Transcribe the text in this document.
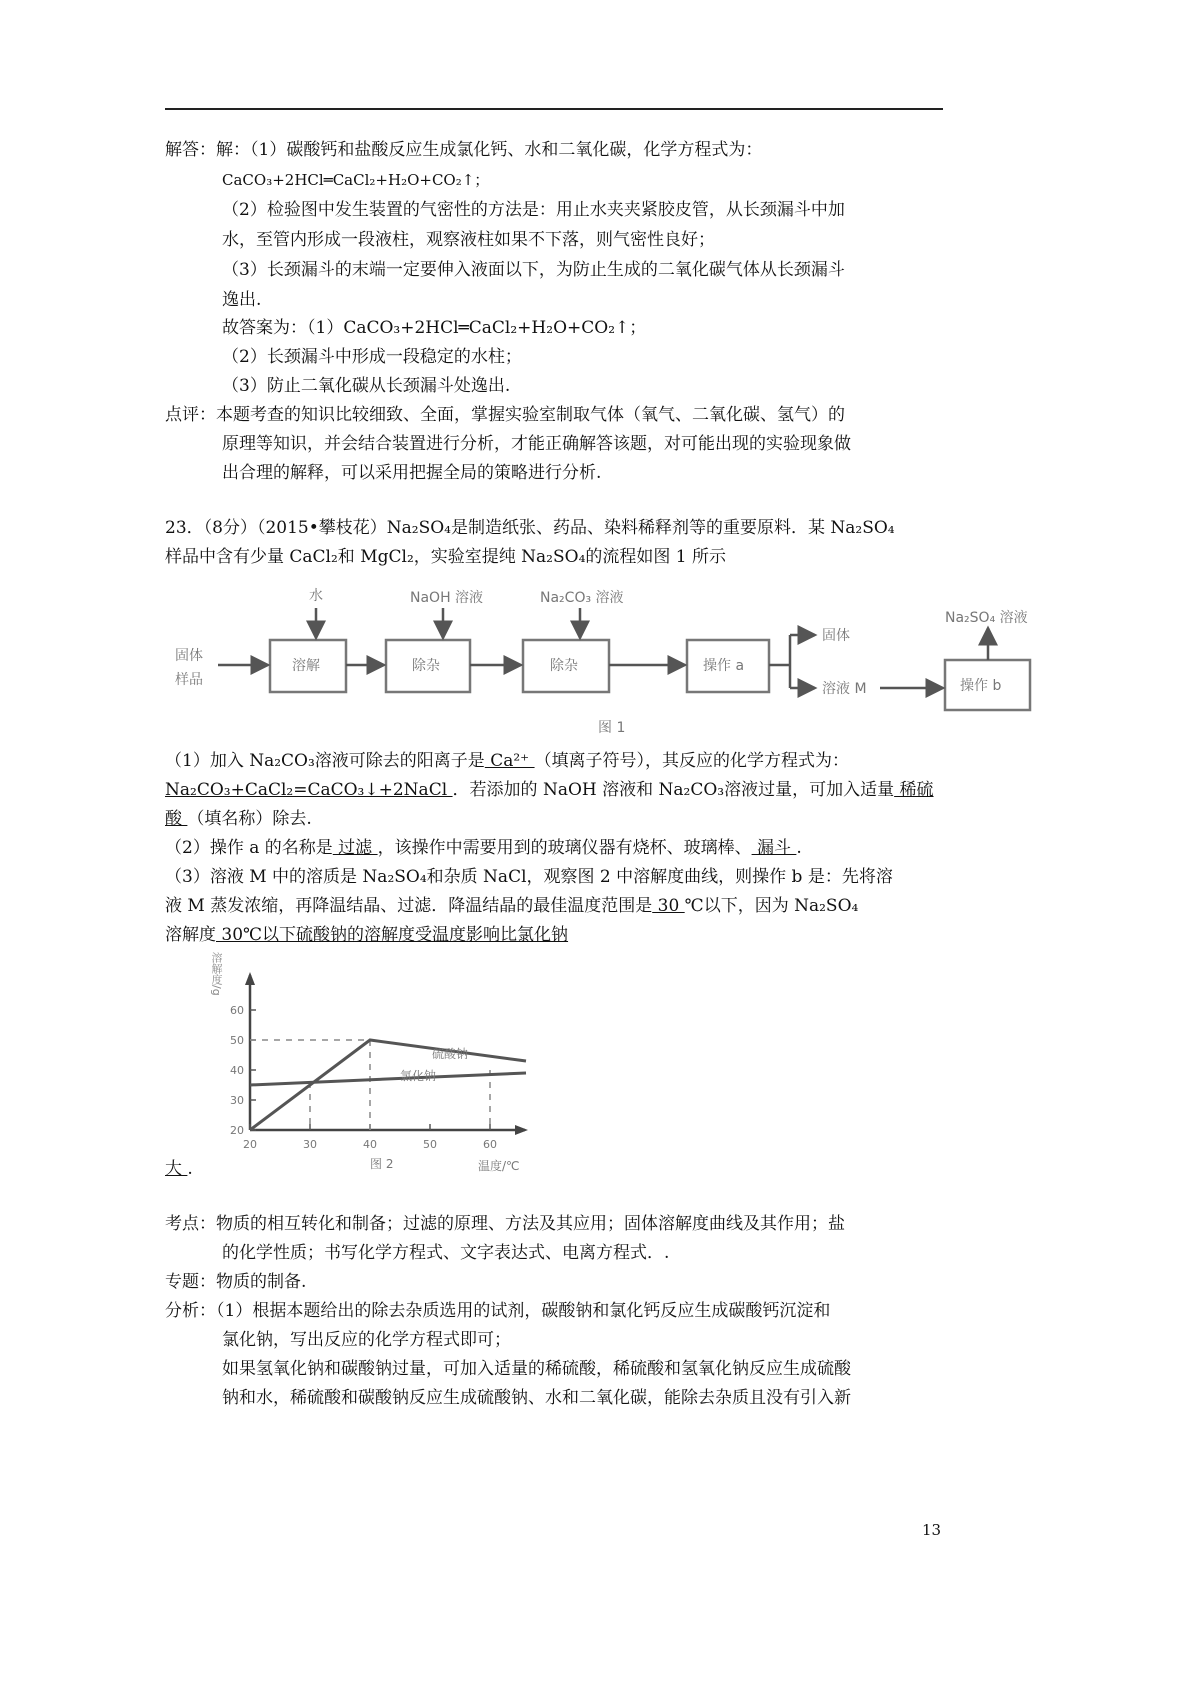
解答：解：（1）碳酸钙和盐酸反应生成氯化钙、水和二氧化碳，化学方程式为：
CaCO₃+2HCl═CaCl₂+H₂O+CO₂↑；
（2）检验图中发生装置的气密性的方法是：用止水夹夹紧胶皮管，从长颈漏斗中加
水，至管内形成一段液柱，观察液柱如果不下落，则气密性良好；
（3）长颈漏斗的末端一定要伸入液面以下，为防止生成的二氧化碳气体从长颈漏斗
逸出.
故答案为：（1）CaCO₃+2HCl═CaCl₂+H₂O+CO₂↑；
（2）长颈漏斗中形成一段稳定的水柱；
（3）防止二氧化碳从长颈漏斗处逸出.
点评：本题考查的知识比较细致、全面，掌握实验室制取气体（氧气、二氧化碳、氢气）的
原理等知识，并会结合装置进行分析，才能正确解答该题，对可能出现的实验现象做
出合理的解释，可以采用把握全局的策略进行分析.
23．（8分）（2015•攀枝花）Na₂SO₄是制造纸张、药品、染料稀释剂等的重要原料．某 Na₂SO₄
样品中含有少量 CaCl₂和 MgCl₂，实验室提纯 Na₂SO₄的流程如图 1 所示
水	NaOH 溶液	Na₂CO₃ 溶液
固体
样品
溶解	除杂	除杂	操作 a
固体
溶液 M	操作 b
Na₂SO₄ 溶液
图 1
（1）加入 Na₂CO₃溶液可除去的阳离子是 Ca²⁺ （填离子符号），其反应的化学方程式为：
Na₂CO₃+CaCl₂=CaCO₃↓+2NaCl ．若添加的 NaOH 溶液和 Na₂CO₃溶液过量，可加入适量 稀硫
酸 （填名称）除去.
（2）操作 a 的名称是 过滤 ，该操作中需要用到的玻璃仪器有烧杯、玻璃棒、 漏斗 .
（3）溶液 M 中的溶质是 Na₂SO₄和杂质 NaCl，观察图 2 中溶解度曲线，则操作 b 是：先将溶
液 M 蒸发浓缩，再降温结晶、过滤．降温结晶的最佳温度范围是 30 ℃以下，因为 Na₂SO₄
溶解度 30℃以下硫酸钠的溶解度受温度影响比氯化钠
20
30
40
50
60
20	30	40	50	60
温度/℃
图 2
硫酸钠
氯化钠
溶解度/g
大 .
考点：物质的相互转化和制备；过滤的原理、方法及其应用；固体溶解度曲线及其作用；盐
的化学性质；书写化学方程式、文字表达式、电离方程式．.
专题：物质的制备.
分析：（1）根据本题给出的除去杂质选用的试剂，碳酸钠和氯化钙反应生成碳酸钙沉淀和
氯化钠，写出反应的化学方程式即可；
如果氢氧化钠和碳酸钠过量，可加入适量的稀硫酸，稀硫酸和氢氧化钠反应生成硫酸
钠和水，稀硫酸和碳酸钠反应生成硫酸钠、水和二氧化碳，能除去杂质且没有引入新
13
